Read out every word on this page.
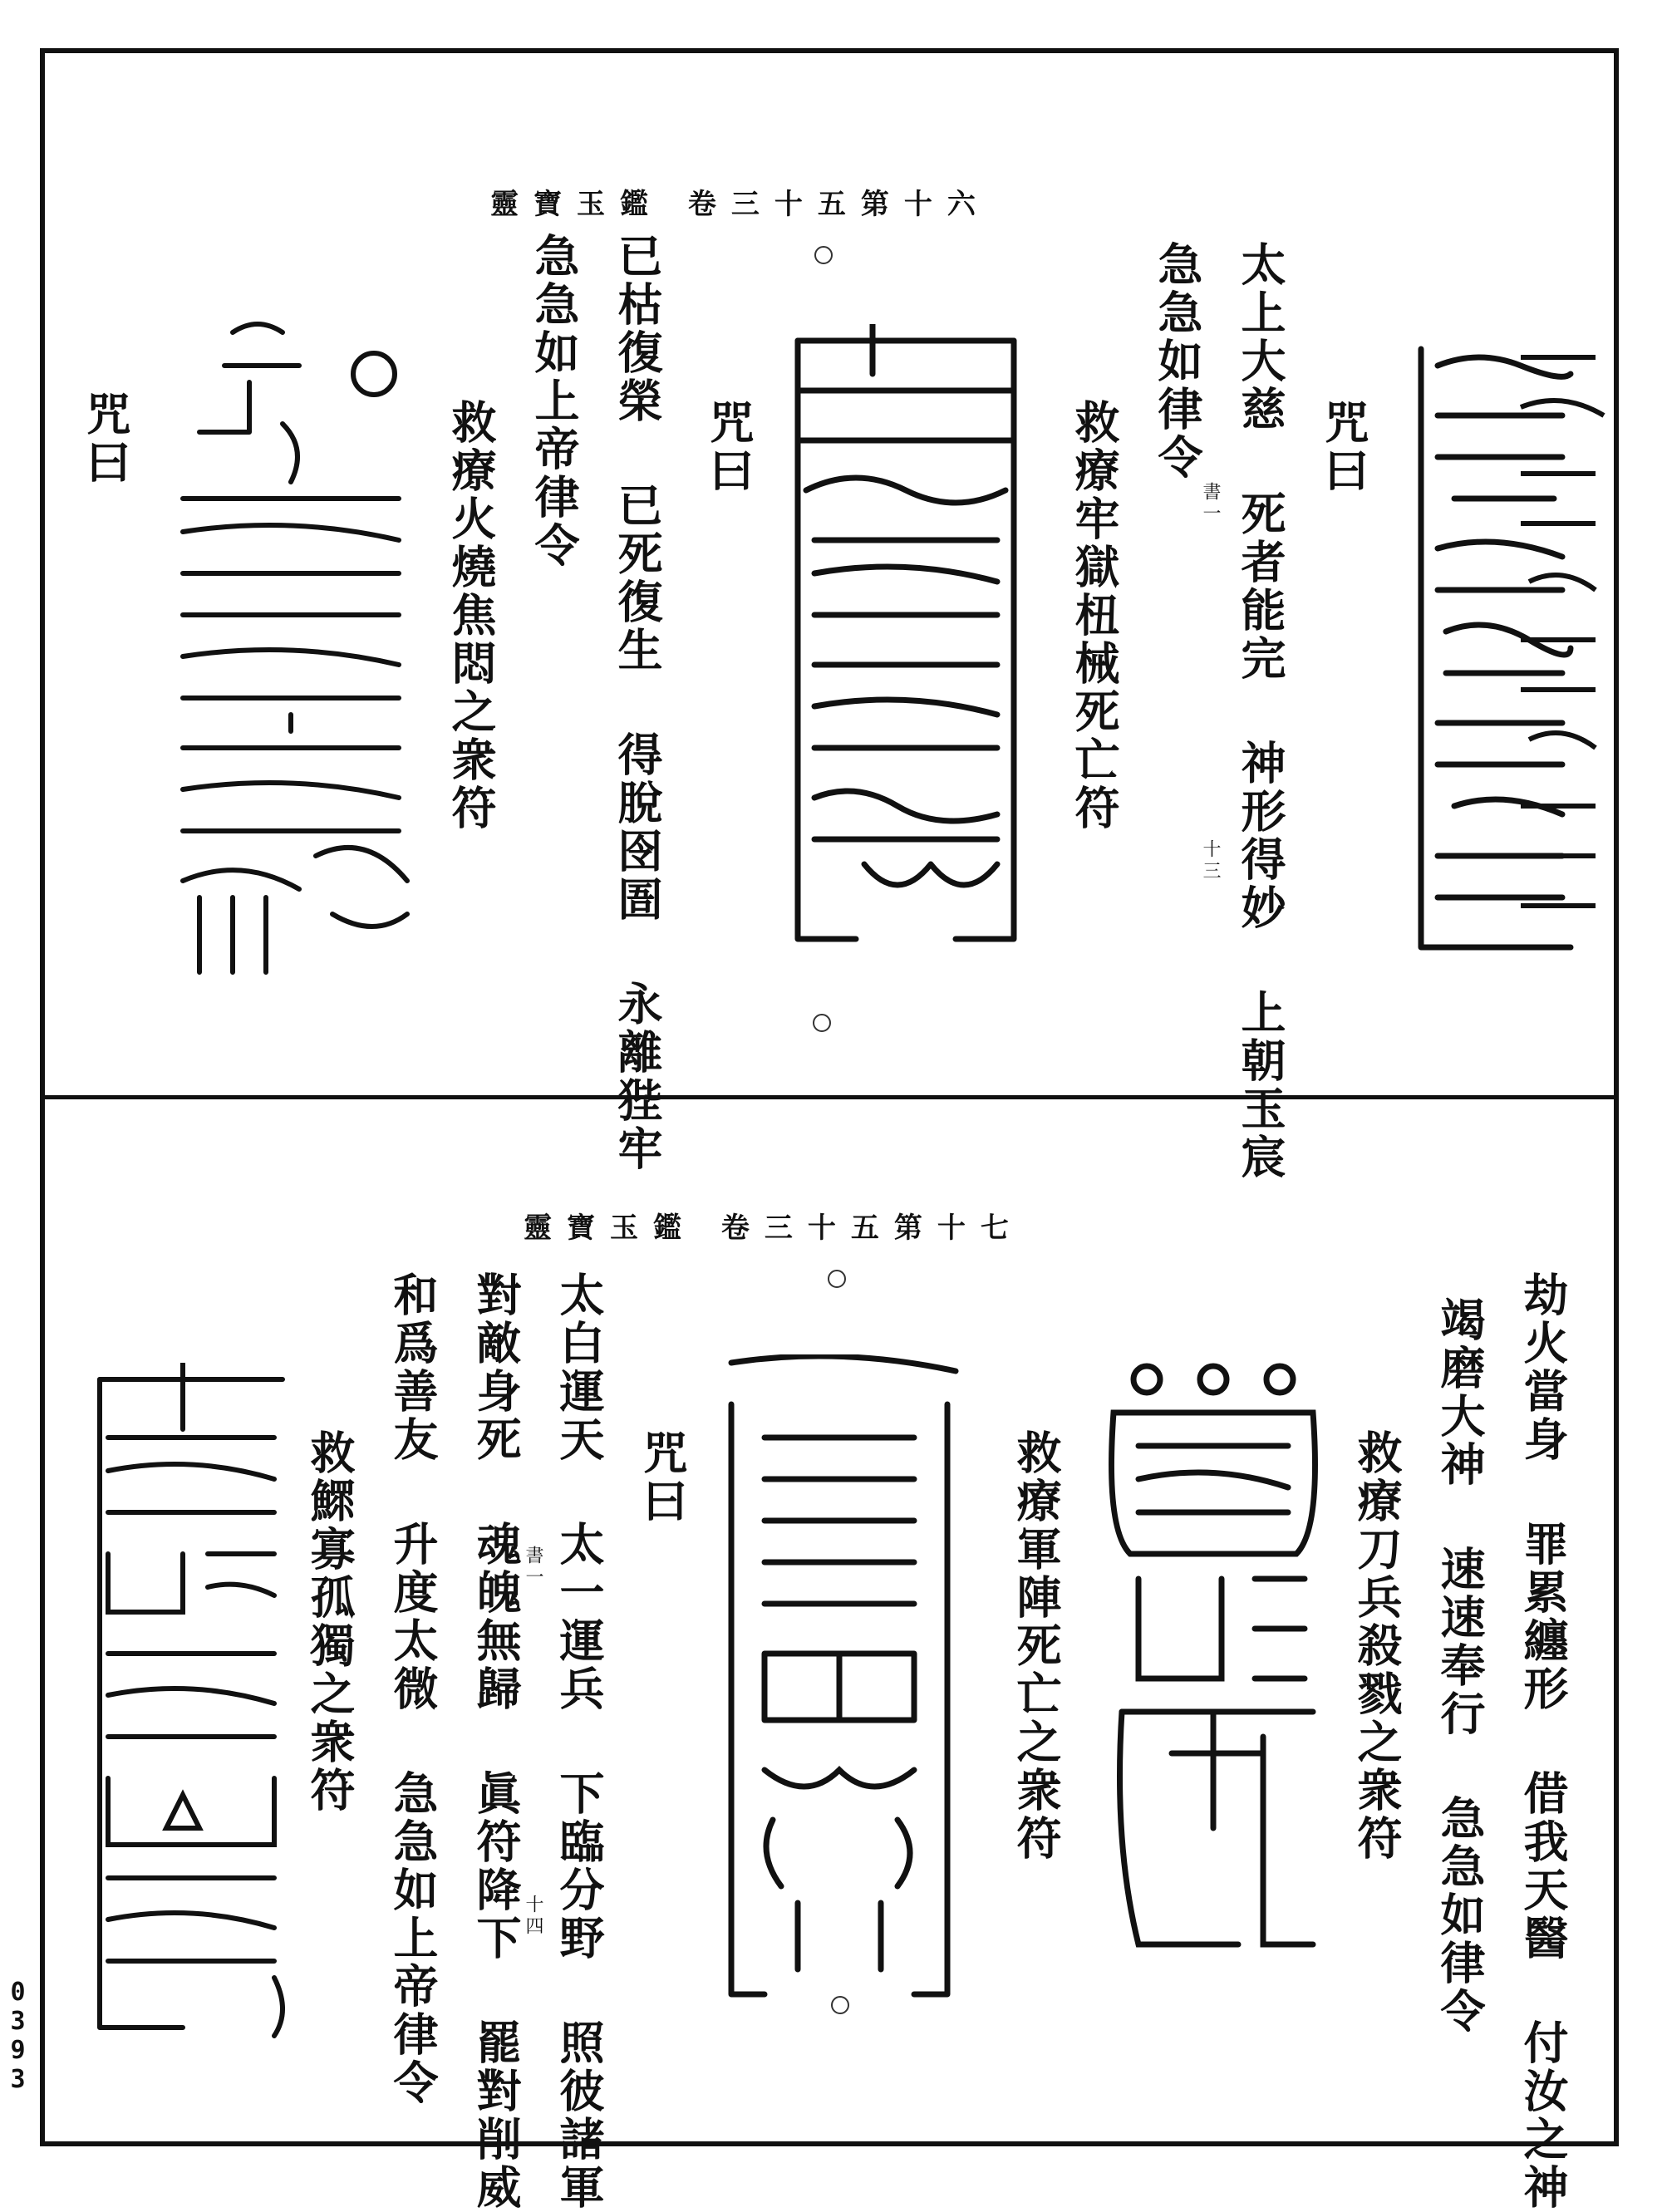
0393
靈寶玉鑑 卷三十五第十六
咒曰
太上大慈 死者能完 神形得妙 上朝玉宸
書一
十三
急急如律令
救療牢獄杻械死亡符
咒曰
已枯復榮 已死復生 得脫囹圄 永離狴牢
急急如上帝律令
救療火燒焦悶之衆符
咒曰
靈寶玉鑑 卷三十五第十七
劫火當身 罪累纏形 借我天醫 付汝之神
竭磨大神 速速奉行 急急如律令
救療刀兵殺戮之衆符
救療軍陣死亡之衆符
咒曰
太白運天 太一運兵 下臨分野 照彼諸軍
書一
十四
對敵身死 魂魄無歸 眞符降下 罷對削威
和爲善友 升度太微 急急如上帝律令
救鰥寡孤獨之衆符
